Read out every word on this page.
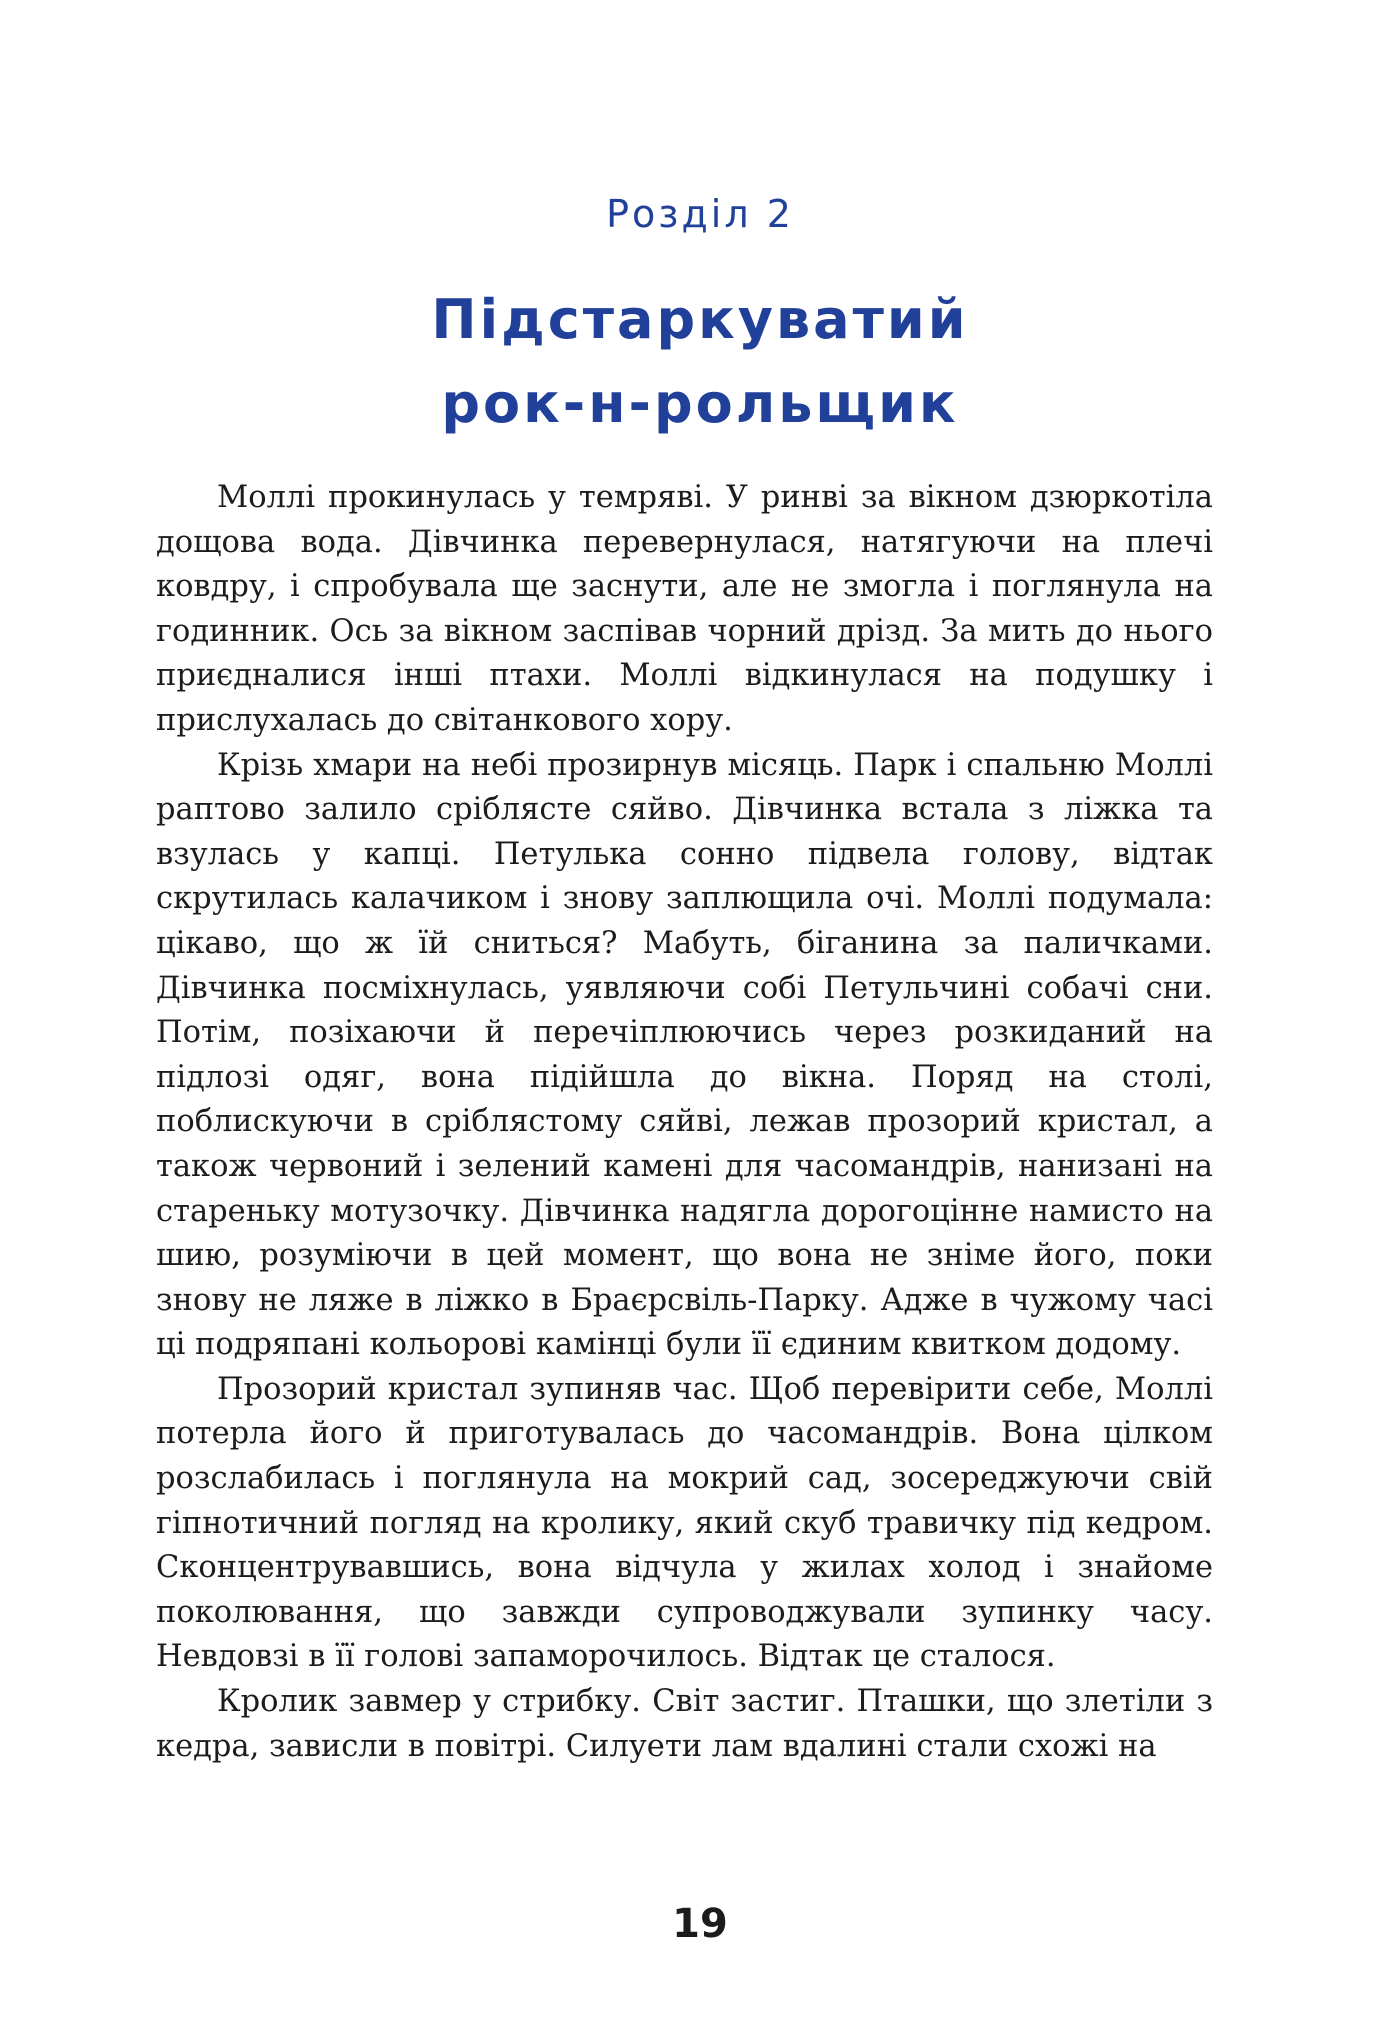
Розділ 2
Підстаркуватий
рок-н-рольщик

Моллі прокинулась у темряві. У ринві за вікном дзюркотіла дощова вода. Дівчинка перевернулася, натягуючи на плечі ковдру, і спробувала ще заснути, але не змогла і поглянула на годинник. Ось за вікном заспівав чорний дрізд. За мить до нього приєдналися інші птахи. Моллі відкинулася на подушку і прислухалась до світанкового хору.

Крізь хмари на небі прозирнув місяць. Парк і спальню Моллі раптово залило сріблясте сяйво. Дівчинка встала з ліжка та взулась у капці. Петулька сонно підвела голову, відтак скрутилась калачиком і знову заплющила очі. Моллі подумала: цікаво, що ж їй сниться? Мабуть, біганина за паличками. Дівчинка посміхнулась, уявляючи собі Петульчині собачі сни. Потім, позіхаючи й перечіплюючись через розкиданий на підлозі одяг, вона підійшла до вікна. Поряд на столі, поблискуючи в сріблястому сяйві, лежав прозорий кристал, а також червоний і зелений камені для часомандрів, нанизані на стареньку мотузочку. Дівчинка надягла дорогоцінне намисто на шию, розуміючи в цей момент, що вона не зніме його, поки знову не ляже в ліжко в Браєрсвіль-Парку. Адже в чужому часі ці подряпані кольорові камінці були її єдиним квитком додому.

Прозорий кристал зупиняв час. Щоб перевірити себе, Моллі потерла його й приготувалась до часомандрів. Вона цілком розслабилась і поглянула на мокрий сад, зосереджуючи свій гіпнотичний погляд на кролику, який скуб травичку під кедром. Сконцентрувавшись, вона відчула у жилах холод і знайоме поколювання, що завжди супроводжували зупинку часу. Невдовзі в її голові запаморочилось. Відтак це сталося.

Кролик завмер у стрибку. Світ застиг. Пташки, що злетіли з кедра, зависли в повітрі. Силуети лам вдалині стали схожі на

19
